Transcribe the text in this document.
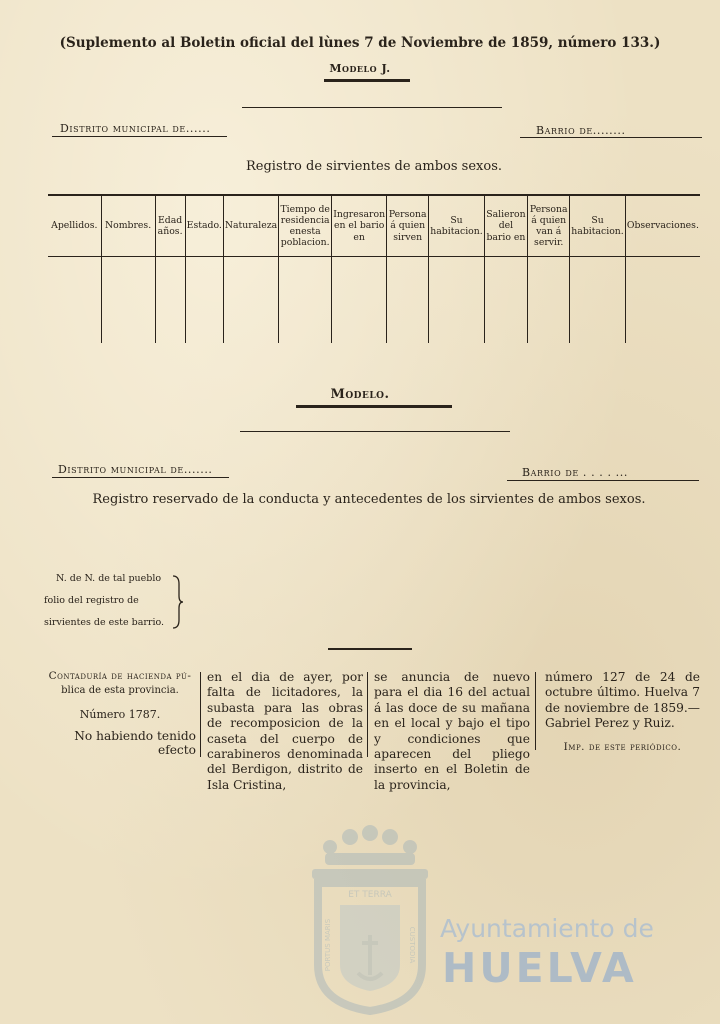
(Suplemento al Boletin oficial del lùnes 7 de Noviembre de 1859, número 133.)
Modelo J.
Distrito municipal de......	Barrio de........
Registro de sirvientes de ambos sexos.
Apellidos.	Nombres.	Edad años.	Estado.	Naturaleza	Tiempo de residencia enesta poblacion.	Ingresaron en el bario en	Persona á quien sirven	Su habitacion.	Salieron del bario en	Persona á quien van á servir.	Su habitacion.	Observaciones.

Modelo.
Distrito municipal de.......	Barrio de . . . . ...
Registro reservado de la conducta y antecedentes de los sirvientes de ambos sexos.
N. de N. de tal pueblo
folio del registro de
sirvientes de este barrio.
Contaduría de hacienda pú-
blica de esta provincia.
Número 1787.
No habiendo tenido efecto
en el dia de ayer, por falta de licitadores, la subasta para las obras de recomposicion de la caseta del cuerpo de carabineros denominada del Berdigon, distrito de Isla Cristina,
se anuncia de nuevo para el dia 16 del actual á las doce de su mañana en el local y bajo el tipo y condiciones que aparecen del pliego inserto en el Boletin de la provincia,
número 127 de 24 de octubre último. Huelva 7 de noviembre de 1859.—Gabriel Perez y Ruiz.
Imp. de este periódico.
ET TERRA
PORTUS MARIS	CUSTODIA Ayuntamiento de
HUELVA
